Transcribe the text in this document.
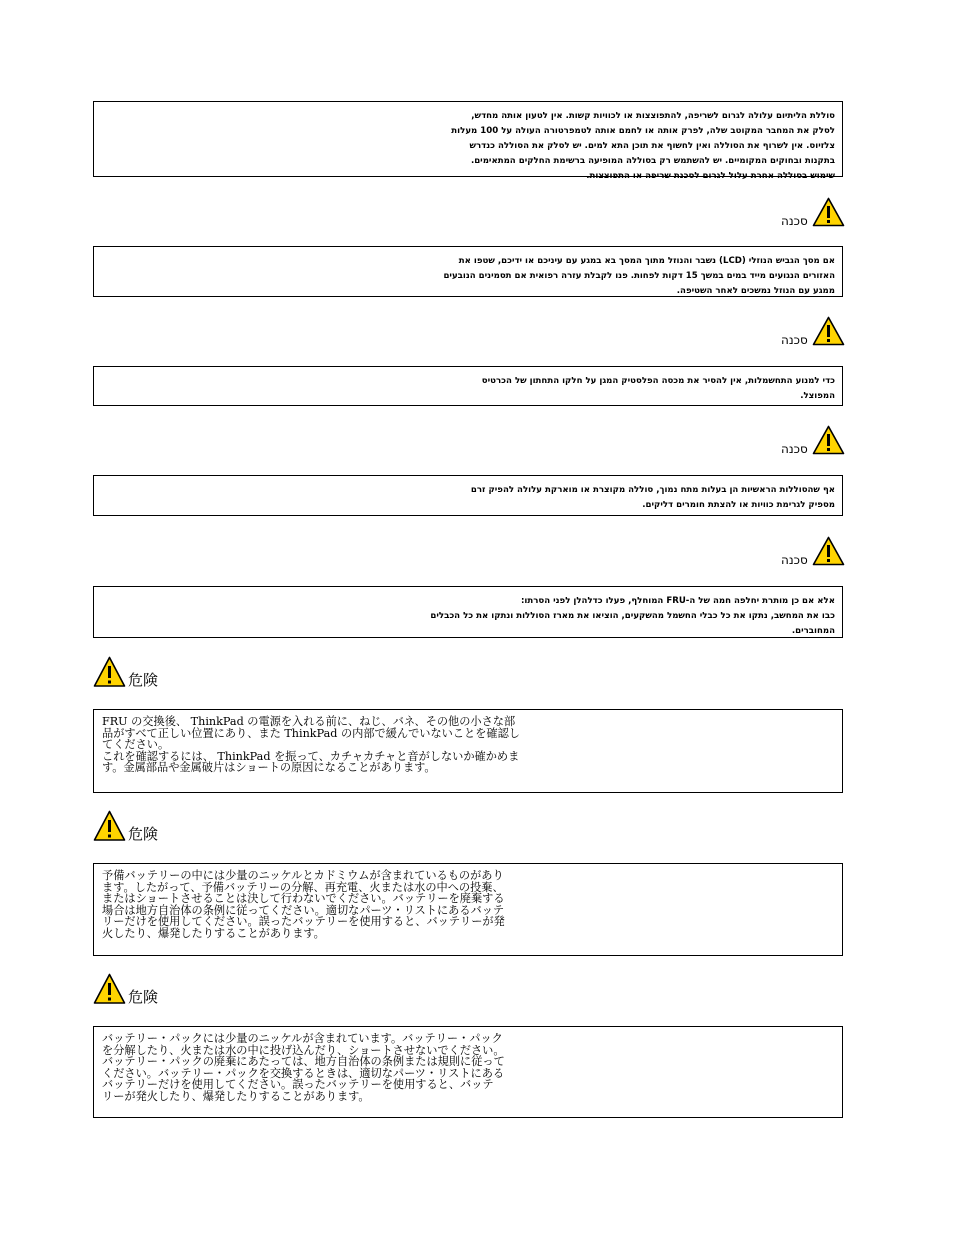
סוללת הליתיום עלולה לגרום לשריפה, להתפוצצות או לכוויות קשות. אין לטעון אותה מחדש,

לסלק את המחבר המקוטב שלה, לפרק אותה או לחמם אותה לטמפרטורה העולה על 100 מעלות

צלזיוס. אין לשרוף את הסוללה ואין לחשוף את תוכן התא למים. יש לסלק את הסוללה כנדרש

בתקנות ובחוקים המקומיים. יש להשתמש רק בסוללה המופיעה ברשימת החלקים המתאימים.

שימוש בסוללה אחרת עלול לגרום לסכנת שריפה או התפוצצות.

סכנה

אם מסך הגביש הנוזלי (LCD) נשבר והנוזל מתוך המסך בא במגע עם עיניכם או ידיכם, שטפו את

האזורים הנגועים מייד במים במשך 15 דקות לפחות. פנו לקבלת עזרה רפואית אם תסמינים הנובעים

ממגע עם הנוזל נמשכים לאחר השטיפה.

סכנה

כדי למנוע התחשמלות, אין להסיר את מכסה הפלסטיק המגן על חלקו התחתון של הכרטיס

המפוצל.

סכנה

אף שהסוללות הראשיות הן בעלות מתח נמוך, סוללה מקוצרת או מוארקת עלולה להפיק זרם

מספיק לגרימת כוויות או להצתת חומרים דליקים.

סכנה

אלא אם כן מותרת יחלפה חמה של ה-FRU המוחלף, פעלו כדלהלן לפני הסרתו:

כבו את המחשב, נתקו את כל כבלי החשמל מהשקעים, הוציאו את מארז הסוללות ונתקו את כל הכבלים

המחוברים.

危険

FRU の交換後、 ThinkPad の電源を入れる前に、ねじ、バネ、その他の小さな部

品がすべて正しい位置にあり、また ThinkPad の内部で緩んでいないことを確認し

てください。

これを確認するには、 ThinkPad を振って、カチャカチャと音がしないか確かめま

す。金属部品や金属破片はショートの原因になることがあります。

危険

予備バッテリーの中には少量のニッケルとカドミウムが含まれているものがあり

ます。したがって、予備バッテリーの分解、再充電、火または水の中への投棄、

またはショートさせることは決して行わないでください。バッテリーを廃棄する

場合は地方自治体の条例に従ってください。適切なパーツ・リストにあるバッテ

リーだけを使用してください。誤ったバッテリーを使用すると、バッテリーが発

火したり、爆発したりすることがあります。

危険

バッテリー・パックには少量のニッケルが含まれています。バッテリー・パック

を分解したり、火または水の中に投げ込んだり、ショートさせないでください。

バッテリー・パックの廃棄にあたっては、地方自治体の条例または規則に従って

ください。バッテリー・パックを交換するときは、適切なパーツ・リストにある

バッテリーだけを使用してください。誤ったバッテリーを使用すると、バッテ

リーが発火したり、爆発したりすることがあります。
